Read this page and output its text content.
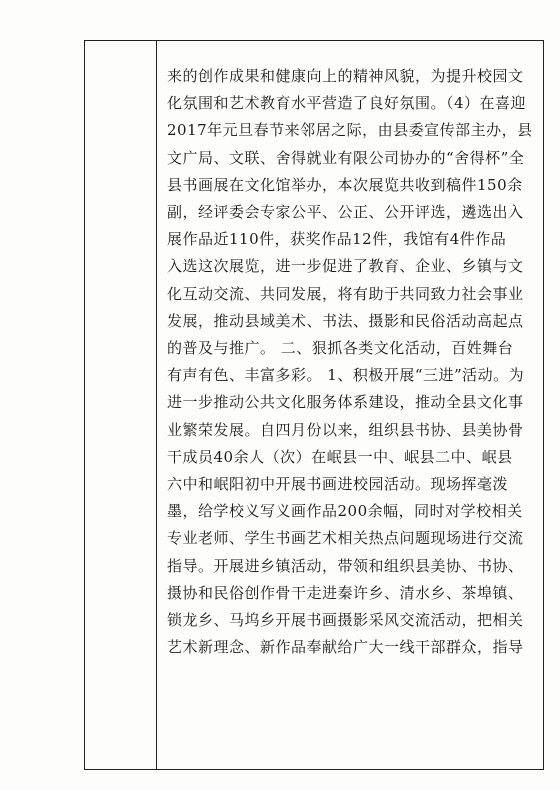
来的创作成果和健康向上的精神风貌，为提升校园文
化氛围和艺术教育水平营造了良好氛围。（4）在喜迎
2017年元旦春节来邻居之际，由县委宣传部主办，县
文广局、文联、舍得就业有限公司协办的“舍得杯”全
县书画展在文化馆举办，本次展览共收到稿件150余
副，经评委会专家公平、公正、公开评选，遴选出入
展作品近110件，获奖作品12件，我馆有4件作品
入选这次展览，进一步促进了教育、企业、乡镇与文
化互动交流、共同发展，将有助于共同致力社会事业
发展，推动县域美术、书法、摄影和民俗活动高起点
的普及与推广。 二、狠抓各类文化活动，百姓舞台
有声有色、丰富多彩。 1、积极开展“三进”活动。为
进一步推动公共文化服务体系建设，推动全县文化事
业繁荣发展。自四月份以来，组织县书协、县美协骨
干成员40余人（次）在岷县一中、岷县二中、岷县
六中和岷阳初中开展书画进校园活动。现场挥毫泼
墨，给学校义写义画作品200余幅，同时对学校相关
专业老师、学生书画艺术相关热点问题现场进行交流
指导。开展进乡镇活动，带领和组织县美协、书协、
摄协和民俗创作骨干走进秦许乡、清水乡、茶埠镇、
锁龙乡、马坞乡开展书画摄影采风交流活动，把相关
艺术新理念、新作品奉献给广大一线干部群众，指导
